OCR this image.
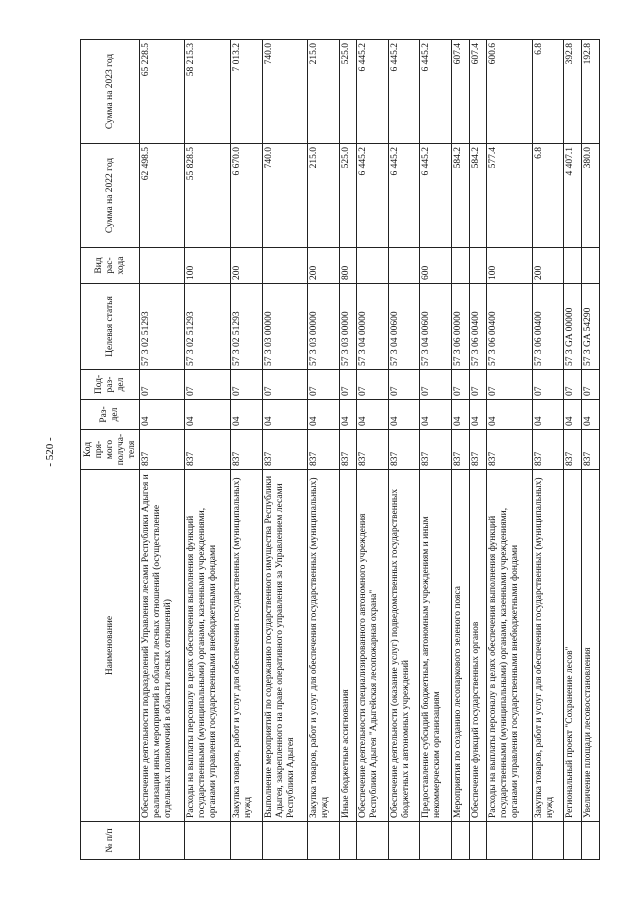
- 520 -
№ п/п	Наименование	Код пря-мого получа-теля	Раз-дел	Под-раз-дел	Целевая статья	Вид рас-хода	Сумма на 2022 год	Сумма на 2023 год
	Обеспечение деятельности подразделений Управления лесами Республики Адыгея и реализация иных мероприятий в области лесных отношений (осуществление отдельных полномочий в области лесных отношений)	837	04	07	57 3 02 51293		62 498.5	65 228.5
	Расходы на выплаты персоналу в целях обеспечения выполнения функций государственными (муниципальными) органами, казенными учреждениями, органами управления государственными внебюджетными фондами	837	04	07	57 3 02 51293	100	55 828.5	58 215.3
	Закупка товаров, работ и услуг для обеспечения государственных (муниципальных) нужд	837	04	07	57 3 02 51293	200	6 670.0	7 013.2
	Выполнение мероприятий по содержанию государственного имущества Республики Адыгея, закрепленного на праве оперативного управления за Управлением лесами Республики Адыгея	837	04	07	57 3 03 00000		740.0	740.0
	Закупка товаров, работ и услуг для обеспечения государственных (муниципальных) нужд	837	04	07	57 3 03 00000	200	215.0	215.0
	Иные бюджетные ассигнования	837	04	07	57 3 03 00000	800	525.0	525.0
	Обеспечение деятельности специализированного автономного учреждения Республики Адыгея "Адыгейская лесопожарная охрана"	837	04	07	57 3 04 00000		6 445.2	6 445.2
	Обеспечение деятельности (оказание услуг) подведомственных государственных бюджетных и автономных учреждений	837	04	07	57 3 04 00600		6 445.2	6 445.2
	Предоставление субсидий бюджетным, автономным учреждениям и иным некоммерческим организациям	837	04	07	57 3 04 00600	600	6 445.2	6 445.2
	Мероприятия по созданию лесопаркового зеленого пояса	837	04	07	57 3 06 00000		584.2	607.4
	Обеспечение функций государственных органов	837	04	07	57 3 06 00400		584.2	607.4
	Расходы на выплаты персоналу в целях обеспечения выполнения функций государственными (муниципальными) органами, казенными учреждениями, органами управления государственными внебюджетными фондами	837	04	07	57 3 06 00400	100	577.4	600.6
	Закупка товаров, работ и услуг для обеспечения государственных (муниципальных) нужд	837	04	07	57 3 06 00400	200	6.8	6.8
	Региональный проект "Сохранение лесов"	837	04	07	57 3 GA 00000		4 407.1	392.8
	Увеличение площади лесовосстановления	837	04	07	57 3 GA 54290		380.0	192.8
